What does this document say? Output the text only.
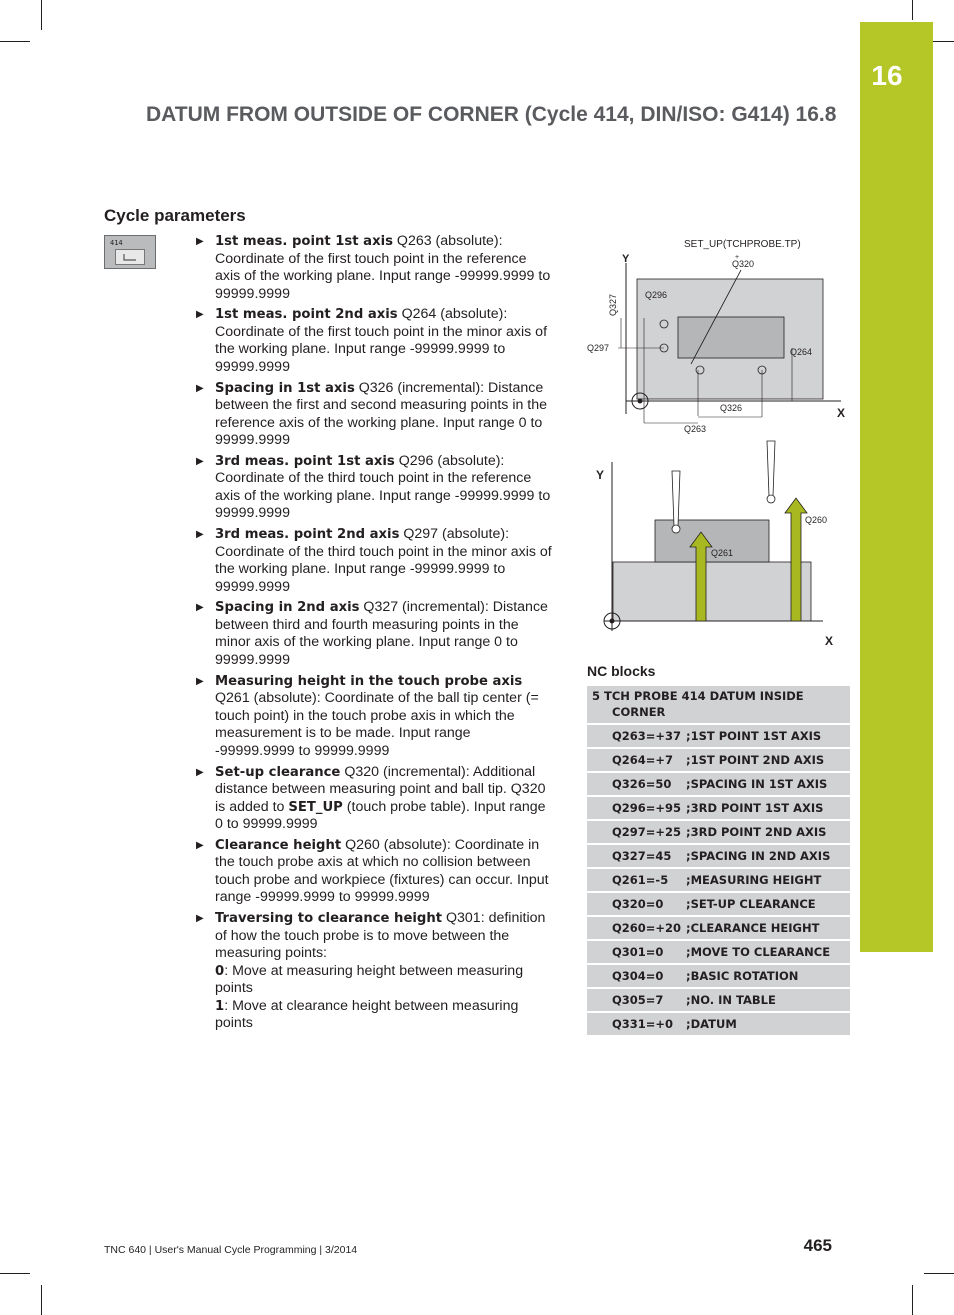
16
DATUM FROM OUTSIDE OF CORNER (Cycle 414, DIN/ISO: G414) 16.8
Cycle parameters
414	▶ 1st meas. point 1st axis Q263 (absolute): Coordinate of the first touch point in the reference axis of the working plane. Input range -99999.9999 to 99999.9999
▶ 1st meas. point 2nd axis Q264 (absolute): Coordinate of the first touch point in the minor axis of the working plane. Input range -99999.9999 to 99999.9999
▶ Spacing in 1st axis Q326 (incremental): Distance between the first and second measuring points in the reference axis of the working plane. Input range 0 to 99999.9999
▶ 3rd meas. point 1st axis Q296 (absolute): Coordinate of the third touch point in the reference axis of the working plane. Input range -99999.9999 to 99999.9999
▶ 3rd meas. point 2nd axis Q297 (absolute): Coordinate of the third touch point in the minor axis of the working plane. Input range -99999.9999 to 99999.9999
▶ Spacing in 2nd axis Q327 (incremental): Distance between third and fourth measuring points in the minor axis of the working plane. Input range 0 to 99999.9999
▶ Measuring height in the touch probe axis Q261 (absolute): Coordinate of the ball tip center (= touch point) in the touch probe axis in which the measurement is to be made. Input range -99999.9999 to 99999.9999
▶ Set-up clearance Q320 (incremental): Additional distance between measuring point and ball tip. Q320 is added to SET_UP (touch probe table). Input range 0 to 99999.9999
▶ Clearance height Q260 (absolute): Coordinate in the touch probe axis at which no collision between touch probe and workpiece (fixtures) can occur. Input range -99999.9999 to 99999.9999
▶ Traversing to clearance height Q301: definition of how the touch probe is to move between the measuring points:
0: Move at measuring height between measuring points
1: Move at clearance height between measuring points
SET_UP(TCHPROBE.TP)
+
Q320
Y
X
Q296
Q327
Q297	Q264
Q326
Q263
Y
X
Q260
Q261
NC blocks
5 TCH PROBE 414 DATUM INSIDE
CORNER	

Q263=+37	;1ST POINT 1ST AXIS
Q264=+7	;1ST POINT 2ND AXIS
Q326=50	;SPACING IN 1ST AXIS
Q296=+95	;3RD POINT 1ST AXIS
Q297=+25	;3RD POINT 2ND AXIS
Q327=45	;SPACING IN 2ND AXIS
Q261=-5	;MEASURING HEIGHT
Q320=0	;SET-UP CLEARANCE
Q260=+20	;CLEARANCE HEIGHT
Q301=0	;MOVE TO CLEARANCE
Q304=0	;BASIC ROTATION
Q305=7	;NO. IN TABLE
Q331=+0	;DATUM
TNC 640 | User's Manual Cycle Programming | 3/2014	465
